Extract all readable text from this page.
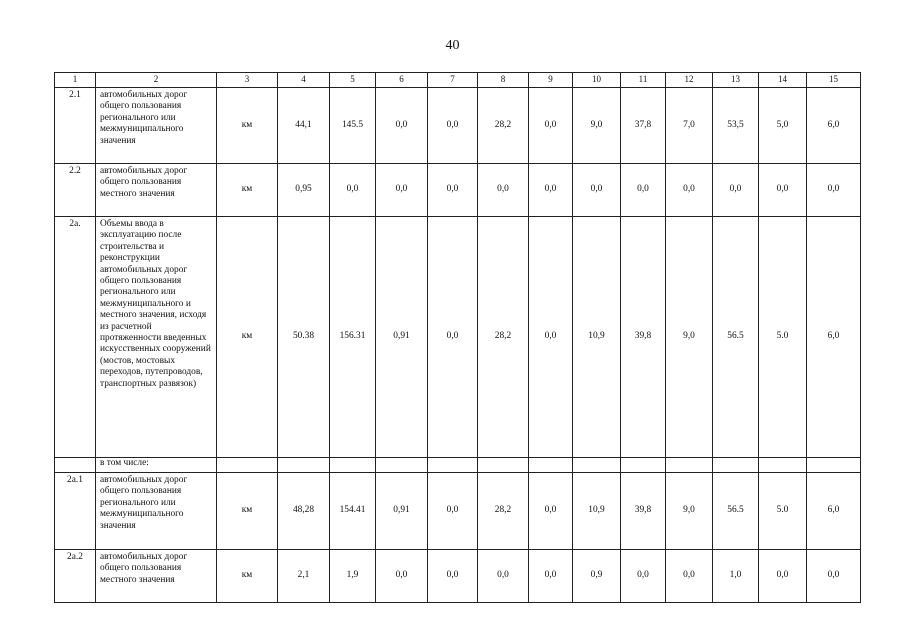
40
1	2	3	4	5	6	7	8	9	10	11	12	13	14	15
2.1	автомобильных дорог общего пользования регионального или межмуниципального значения	км	44,1	145.5	0,0	0,0	28,2	0,0	9,0	37,8	7,0	53,5	5,0	6,0
2.2	автомобильных дорог общего пользования местного значения	км	0,95	0,0	0,0	0,0	0,0	0,0	0,0	0,0	0,0	0,0	0,0	0,0
2а.	Объемы ввода в эксплуатацию после строительства и реконструкции автомобильных дорог общего пользования регионального или межмуниципального и местного значения, исходя из расчетной протяженности введенных искусственных сооружений (мостов, мостовых переходов, путепроводов, транспортных развязок)	км	50.38	156.31	0,91	0,0	28,2	0,0	10,9	39,8	9,0	56.5	5.0	6,0
	в том числе:													
2а.1	автомобильных дорог общего пользования регионального или межмуниципального значения	км	48,28	154.41	0,91	0,0	28,2	0,0	10,9	39,8	9,0	56.5	5.0	6,0
2а.2	автомобильных дорог общего пользования местного значения	км	2,1	1,9	0,0	0,0	0,0	0,0	0,9	0,0	0,0	1,0	0,0	0,0
